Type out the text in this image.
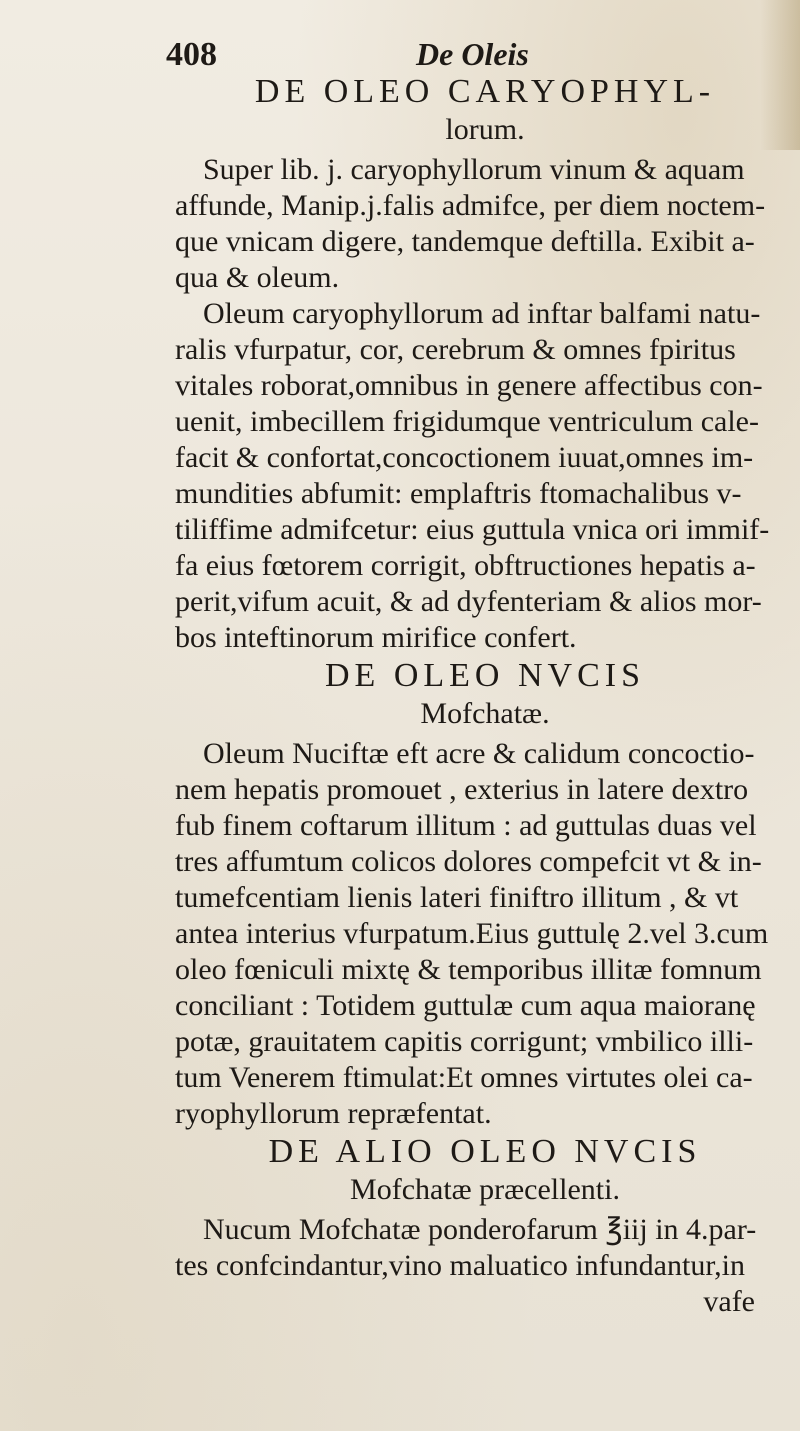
408	De Oleis
DE OLEO CARYOPHYL-
lorum.
Super lib. j. caryophyllorum vinum & aquam
affunde, Manip.j.falis admifce, per diem noctem-
que vnicam digere, tandemque deftilla. Exibit a-
qua & oleum.
Oleum caryophyllorum ad inftar balfami natu-
ralis vfurpatur, cor, cerebrum & omnes fpiritus
vitales roborat,omnibus in genere affectibus con-
uenit, imbecillem frigidumque ventriculum cale-
facit & confortat,concoctionem iuuat,omnes im-
mundities abfumit: emplaftris ftomachalibus v-
tiliffime admifcetur: eius guttula vnica ori immif-
fa eius fœtorem corrigit, obftructiones hepatis a-
perit,vifum acuit, & ad dyfenteriam & alios mor-
bos inteftinorum mirifice confert.
DE OLEO NVCIS
Mofchatæ.
Oleum Nuciftæ eft acre & calidum concoctio-
nem hepatis promouet , exterius in latere dextro
fub finem coftarum illitum : ad guttulas duas vel
tres affumtum colicos dolores compefcit vt & in-
tumefcentiam lienis lateri finiftro illitum , & vt
antea interius vfurpatum.Eius guttulę 2.vel 3.cum
oleo fœniculi mixtę & temporibus illitæ fomnum
conciliant : Totidem guttulæ cum aqua maioranę
potæ, grauitatem capitis corrigunt; vmbilico illi-
tum Venerem ftimulat:Et omnes virtutes olei ca-
ryophyllorum repræfentat.
DE ALIO OLEO NVCIS
Mofchatæ præcellenti.
Nucum Mofchatæ ponderofarum ℥iij in 4.par-
tes confcindantur,vino maluatico infundantur,in
vafe
